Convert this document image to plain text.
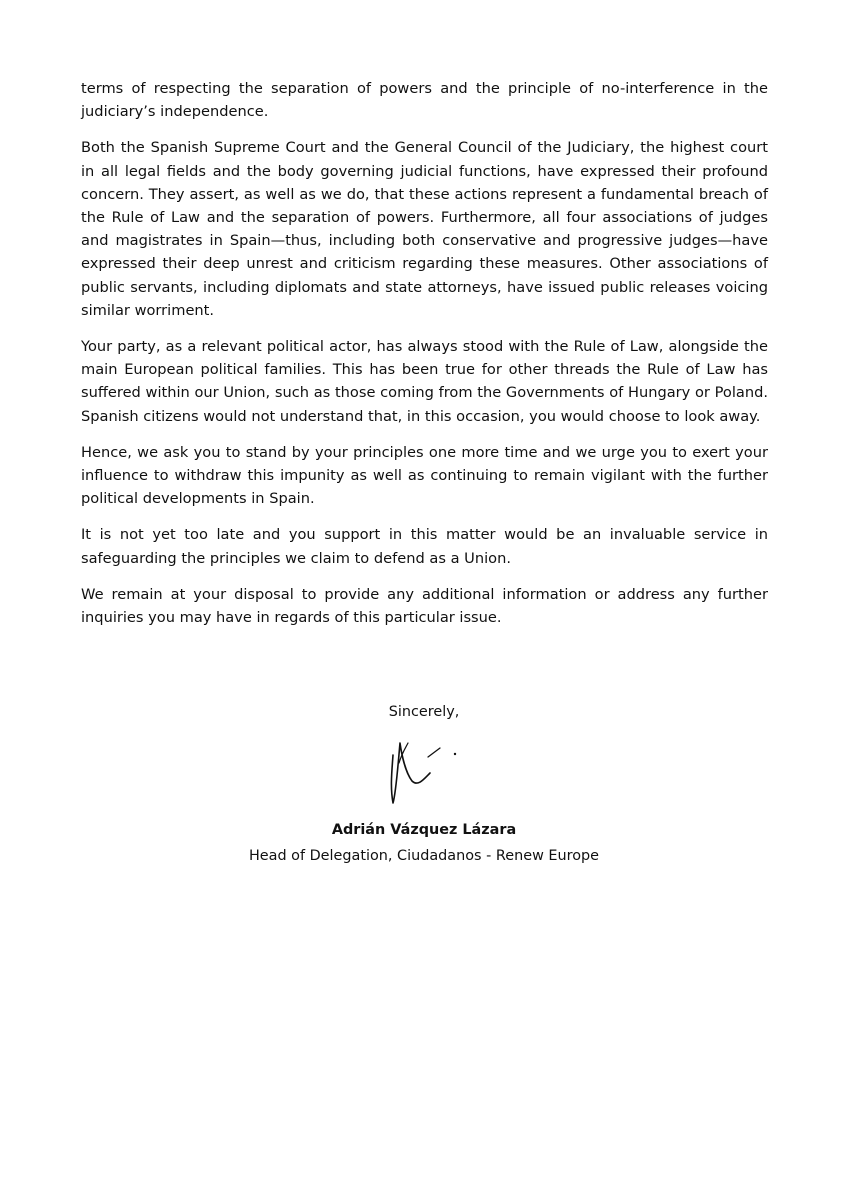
terms of respecting the separation of powers and the principle of no-interference in the judiciary’s independence.

Both the Spanish Supreme Court and the General Council of the Judiciary, the highest court in all legal fields and the body governing judicial functions, have expressed their profound concern. They assert, as well as we do, that these actions represent a fundamental breach of the Rule of Law and the separation of powers. Furthermore, all four associations of judges and magistrates in Spain—thus, including both conservative and progressive judges—have expressed their deep unrest and criticism regarding these measures. Other associations of public servants, including diplomats and state attorneys, have issued public releases voicing similar worriment.

Your party, as a relevant political actor, has always stood with the Rule of Law, alongside the main European political families. This has been true for other threads the Rule of Law has suffered within our Union, such as those coming from the Governments of Hungary or Poland. Spanish citizens would not understand that, in this occasion, you would choose to look away.

Hence, we ask you to stand by your principles one more time and we urge you to exert your influence to withdraw this impunity as well as continuing to remain vigilant with the further political developments in Spain.

It is not yet too late and you support in this matter would be an invaluable service in safeguarding the principles we claim to defend as a Union.

We remain at your disposal to provide any additional information or address any further inquiries you may have in regards of this particular issue.

Sincerely,
Adrián Vázquez Lázara
Head of Delegation, Ciudadanos - Renew Europe
